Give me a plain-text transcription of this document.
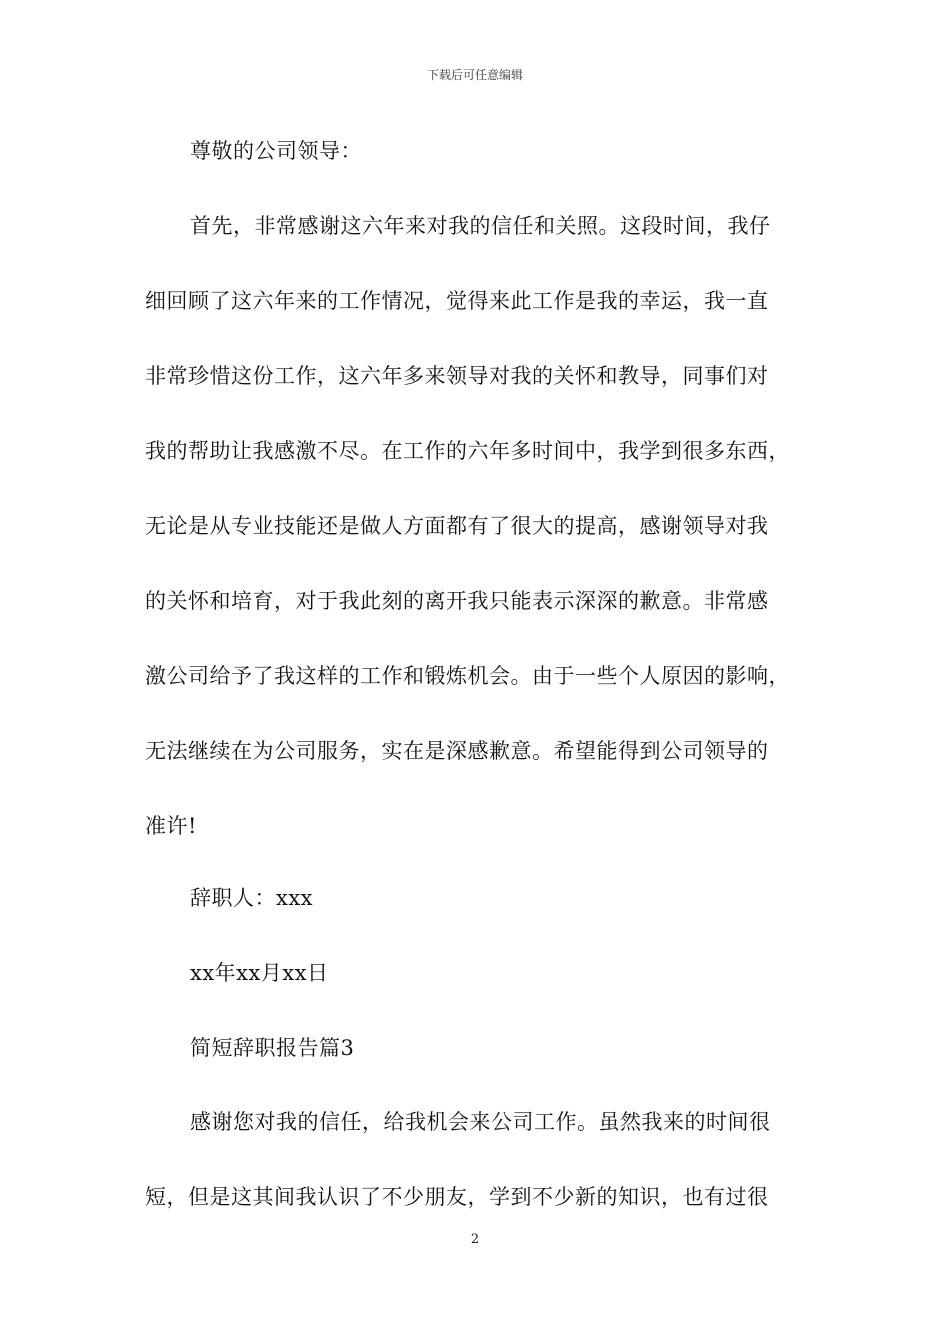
下载后可任意编辑
尊敬的公司领导：
首先，非常感谢这六年来对我的信任和关照。这段时间，我仔
细回顾了这六年来的工作情况，觉得来此工作是我的幸运，我一直
非常珍惜这份工作，这六年多来领导对我的关怀和教导，同事们对
我的帮助让我感激不尽。在工作的六年多时间中，我学到很多东西，
无论是从专业技能还是做人方面都有了很大的提高，感谢领导对我
的关怀和培育，对于我此刻的离开我只能表示深深的歉意。非常感
激公司给予了我这样的工作和锻炼机会。由于一些个人原因的影响，
无法继续在为公司服务，实在是深感歉意。希望能得到公司领导的
准许!
辞职人：xxx
xx年xx月xx日
简短辞职报告篇3
感谢您对我的信任，给我机会来公司工作。虽然我来的时间很
短，但是这其间我认识了不少朋友，学到不少新的知识，也有过很
2
